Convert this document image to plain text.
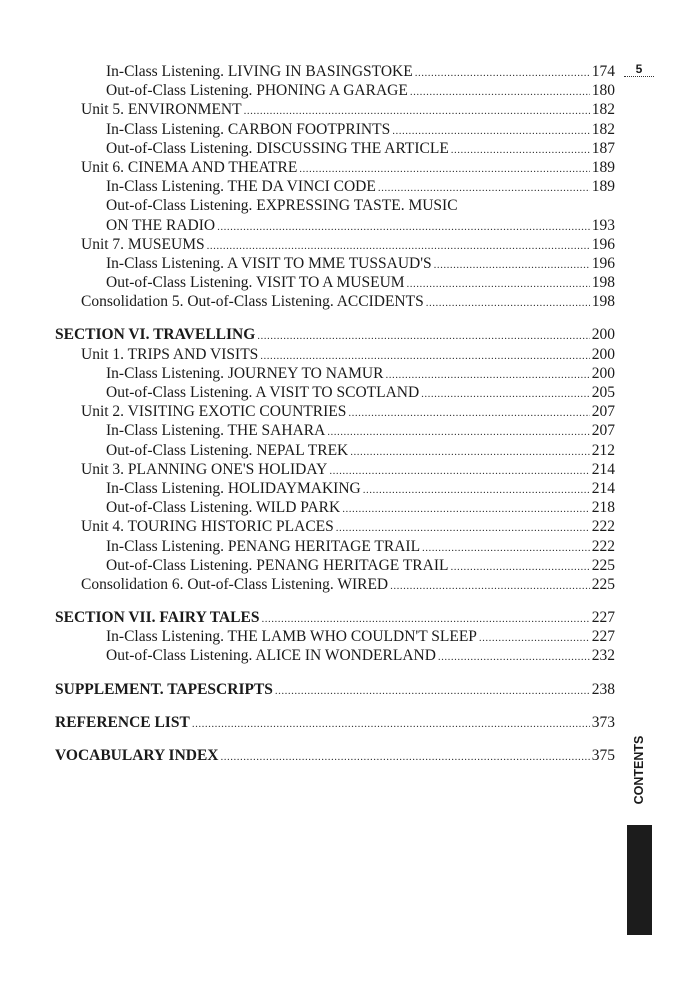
5
In-Class Listening. LIVING IN BASINGSTOKE .....	174
Out-of-Class Listening. PHONING A GARAGE .....	180
Unit 5. ENVIRONMENT .....	182
In-Class Listening. CARBON FOOTPRINTS .....	182
Out-of-Class Listening. DISCUSSING THE ARTICLE .....	187
Unit 6. CINEMA AND THEATRE .....	189
In-Class Listening. THE DA VINCI CODE .....	189
Out-of-Class Listening. EXPRESSING TASTE. MUSIC
ON THE RADIO .....	193
Unit 7. MUSEUMS .....	196
In-Class Listening. A VISIT TO MME TUSSAUD'S .....	196
Out-of-Class Listening. VISIT TO A MUSEUM .....	198
Consolidation 5. Out-of-Class Listening. ACCIDENTS .....	198
SECTION VI. TRAVELLING .....	200
Unit 1. TRIPS AND VISITS .....	200
In-Class Listening. JOURNEY TO NAMUR .....	200
Out-of-Class Listening. A VISIT TO SCOTLAND .....	205
Unit 2. VISITING EXOTIC COUNTRIES .....	207
In-Class Listening. THE SAHARA .....	207
Out-of-Class Listening. NEPAL TREK .....	212
Unit 3. PLANNING ONE'S HOLIDAY .....	214
In-Class Listening. HOLIDAYMAKING .....	214
Out-of-Class Listening. WILD PARK .....	218
Unit 4. TOURING HISTORIC PLACES .....	222
In-Class Listening. PENANG HERITAGE TRAIL .....	222
Out-of-Class Listening. PENANG HERITAGE TRAIL .....	225
Consolidation 6. Out-of-Class Listening. WIRED .....	225
SECTION VII. FAIRY TALES .....	227
In-Class Listening. THE LAMB WHO COULDN'T SLEEP .....	227
Out-of-Class Listening. ALICE IN WONDERLAND .....	232
SUPPLEMENT. TAPESCRIPTS .....	238
REFERENCE LIST .....	373
VOCABULARY INDEX .....	375 CONTENTS
